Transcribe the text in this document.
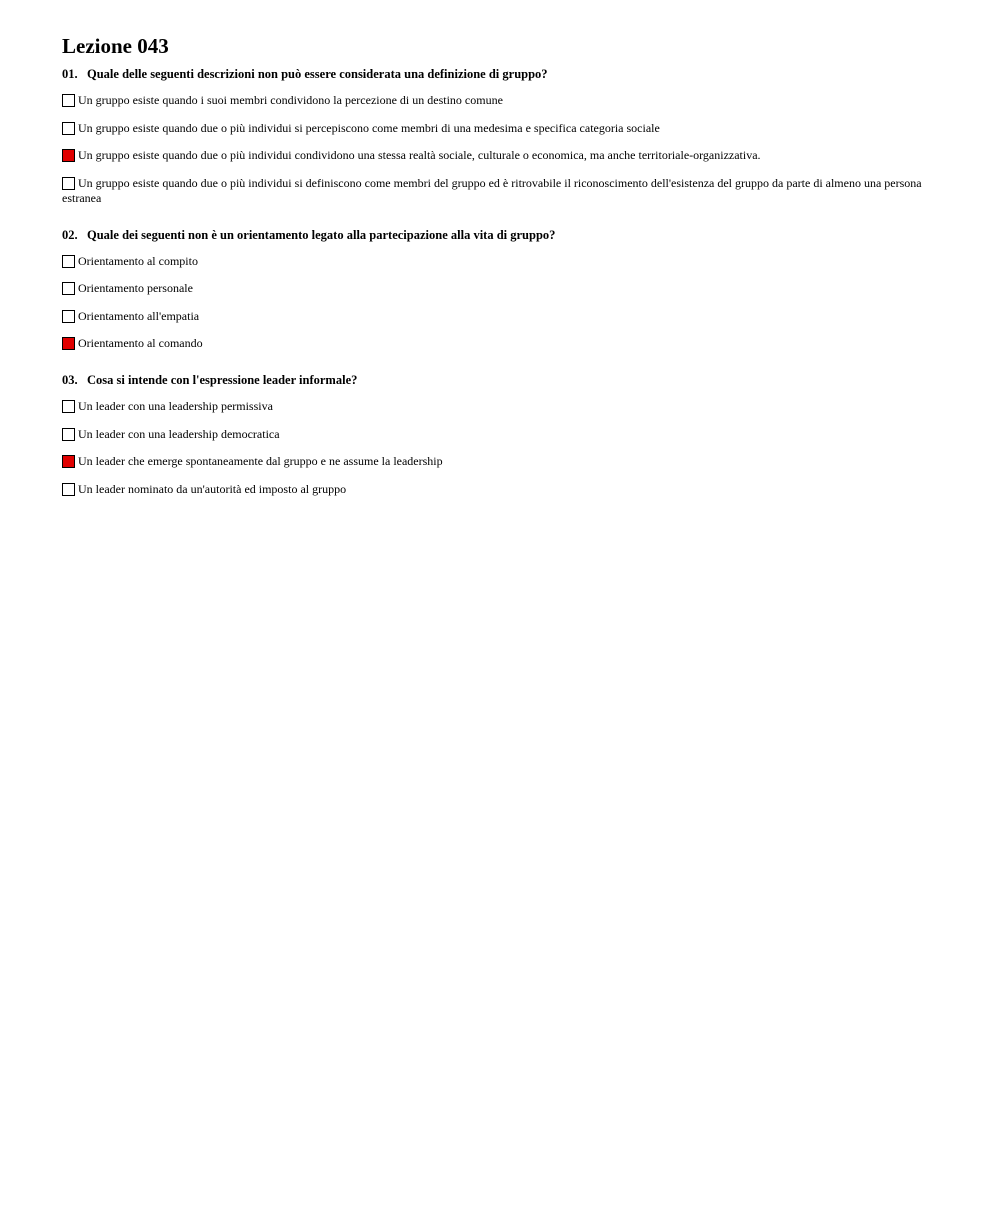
Lezione 043
01. Quale delle seguenti descrizioni non può essere considerata una definizione di gruppo?
Un gruppo esiste quando i suoi membri condividono la percezione di un destino comune
Un gruppo esiste quando due o più individui si percepiscono come membri di una medesima e specifica categoria sociale
Un gruppo esiste quando due o più individui condividono una stessa realtà sociale, culturale o economica, ma anche territoriale-organizzativa.
Un gruppo esiste quando due o più individui si definiscono come membri del gruppo ed è ritrovabile il riconoscimento dell'esistenza del gruppo da parte di almeno una persona estranea
02. Quale dei seguenti non è un orientamento legato alla partecipazione alla vita di gruppo?
Orientamento al compito
Orientamento personale
Orientamento all'empatia
Orientamento al comando
03. Cosa si intende con l'espressione leader informale?
Un leader con una leadership permissiva
Un leader con una leadership democratica
Un leader che emerge spontaneamente dal gruppo e ne assume la leadership
Un leader nominato da un'autorità ed imposto al gruppo
